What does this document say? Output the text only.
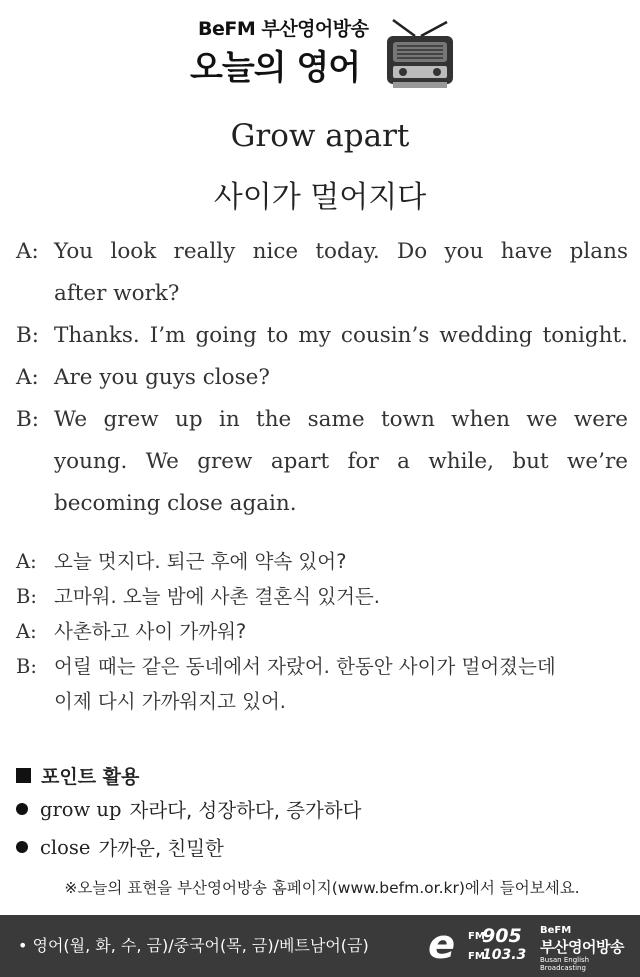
BeFM 부산영어방송
오늘의 영어
Grow apart
사이가 멀어지다
A: You look really nice today. Do you have plans
after work?
B: Thanks. I’m going to my cousin’s wedding tonight.
A: Are you guys close?
B: We grew up in the same town when we were
young. We grew apart for a while, but we’re
becoming close again.
A: 오늘 멋지다. 퇴근 후에 약속 있어?
B: 고마워. 오늘 밤에 사촌 결혼식 있거든.
A: 사촌하고 사이 가까워?
B: 어릴 때는 같은 동네에서 자랐어. 한동안 사이가 멀어졌는데
이제 다시 가까워지고 있어.
포인트 활용
grow up 자라다, 성장하다, 증가하다
close 가까운, 친밀한
※오늘의 표현을 부산영어방송 홈페이지(www.befm.or.kr)에서 들어보세요.
• 영어(월, 화, 수, 금)/중국어(목, 금)/베트남어(금) e FM
905
FM
103.3
BeFM
부산영어방송
Busan English Broadcasting
